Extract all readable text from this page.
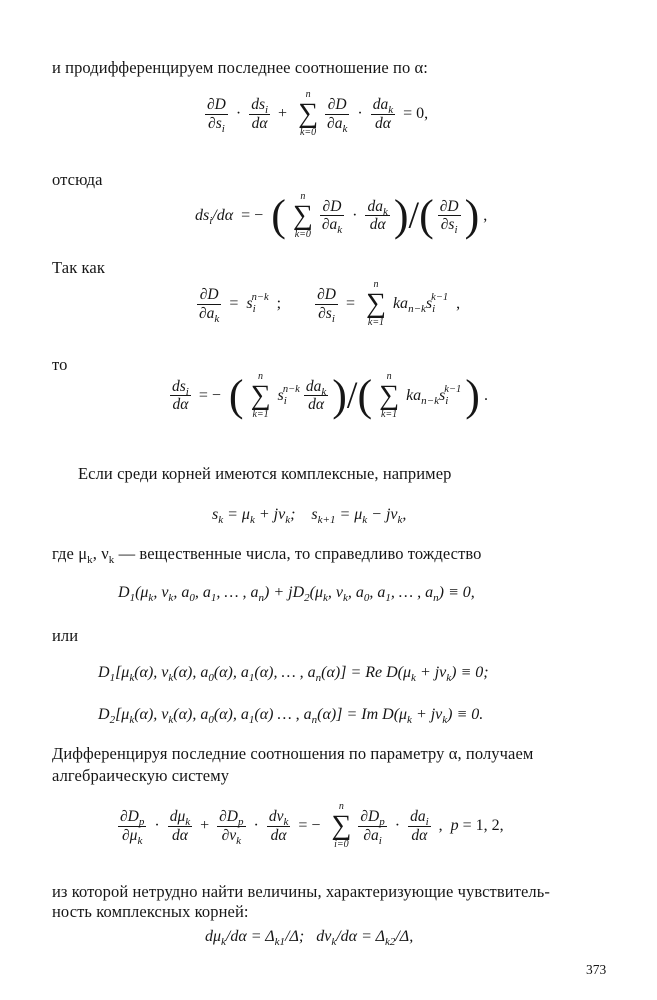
и продифференцируем последнее соотношение по α:
$\frac{\partial D}{\partial s_i} \cdot \frac{ds_i}{d\alpha}$ +
n
∑
k=0

$\frac{\partial D}{\partial a_k} \cdot \frac{da_k}{d\alpha} = 0$,
отсюда
$ds_i/d\alpha$ = − (	n
∑
k=0

$\frac{\partial D}{\partial a_k} \cdot \frac{da_k}{d\alpha}$ )/( $\frac{\partial D}{\partial s_i}$ ) ,
Так как
$\frac{\partial D}{\partial a_k} = s_i^{n-k}$ ; $\frac{\partial D}{\partial s_i}$ =
n
∑
k=1
$ka_{n-k}s_i^{k-1}$ ,
то
$\frac{ds_i}{d\alpha}$ = − (	n
∑
k=1
$s_i^{n-k} \frac{da_k}{d\alpha}$ )/(	n
∑
k=1
$ka_{n-k}s_i^{k-1}$ ) .
Если среди корней имеются комплексные, например
$s_k = \mu_k + j\nu_k$;    $s_{k+1} = \mu_k - j\nu_k$,
где $\mu_k$, $\nu_k$ — вещественные числа, то справедливо тождество
$D_1(\mu_k$, $\nu_k$, $a_0$, $a_1$, … , $a_n) + jD_2(\mu_k$, $\nu_k$, $a_0$, $a_1$, … , $a_n) \equiv 0$,
или
$D_1[\mu_k(\alpha)$, $\nu_k(\alpha)$, $a_0(\alpha)$, $a_1(\alpha)$, … , $a_n(\alpha)] = Re$ $D(\mu_k + j\nu_k) \equiv 0$;
$D_2[\mu_k(\alpha)$, $\nu_k(\alpha)$, $a_0(\alpha)$, $a_1(\alpha)$ … , $a_n(\alpha)] = Im$ $D(\mu_k + j\nu_k) \equiv 0$.
Дифференцируя последние соотношения по параметру α, получаем
алгебраическую систему
$\frac{\partial D_p}{\partial\mu_k} \cdot \frac{d\mu_k}{d\alpha} + \frac{\partial D_p}{\partial\nu_k} \cdot \frac{d\nu_k}{d\alpha}$ = −
n
∑
i=0

$\frac{\partial D_p}{\partial a_i} \cdot \frac{da_i}{d\alpha}$ ,  p = 1, 2,
из которой нетрудно найти величины, характеризующие чувствитель-
ность комплексных корней:
$d\mu_k/d\alpha = \Delta_{k1}/\Delta$;   $d\nu_k/d\alpha = \Delta_{k2}/\Delta$,
373
